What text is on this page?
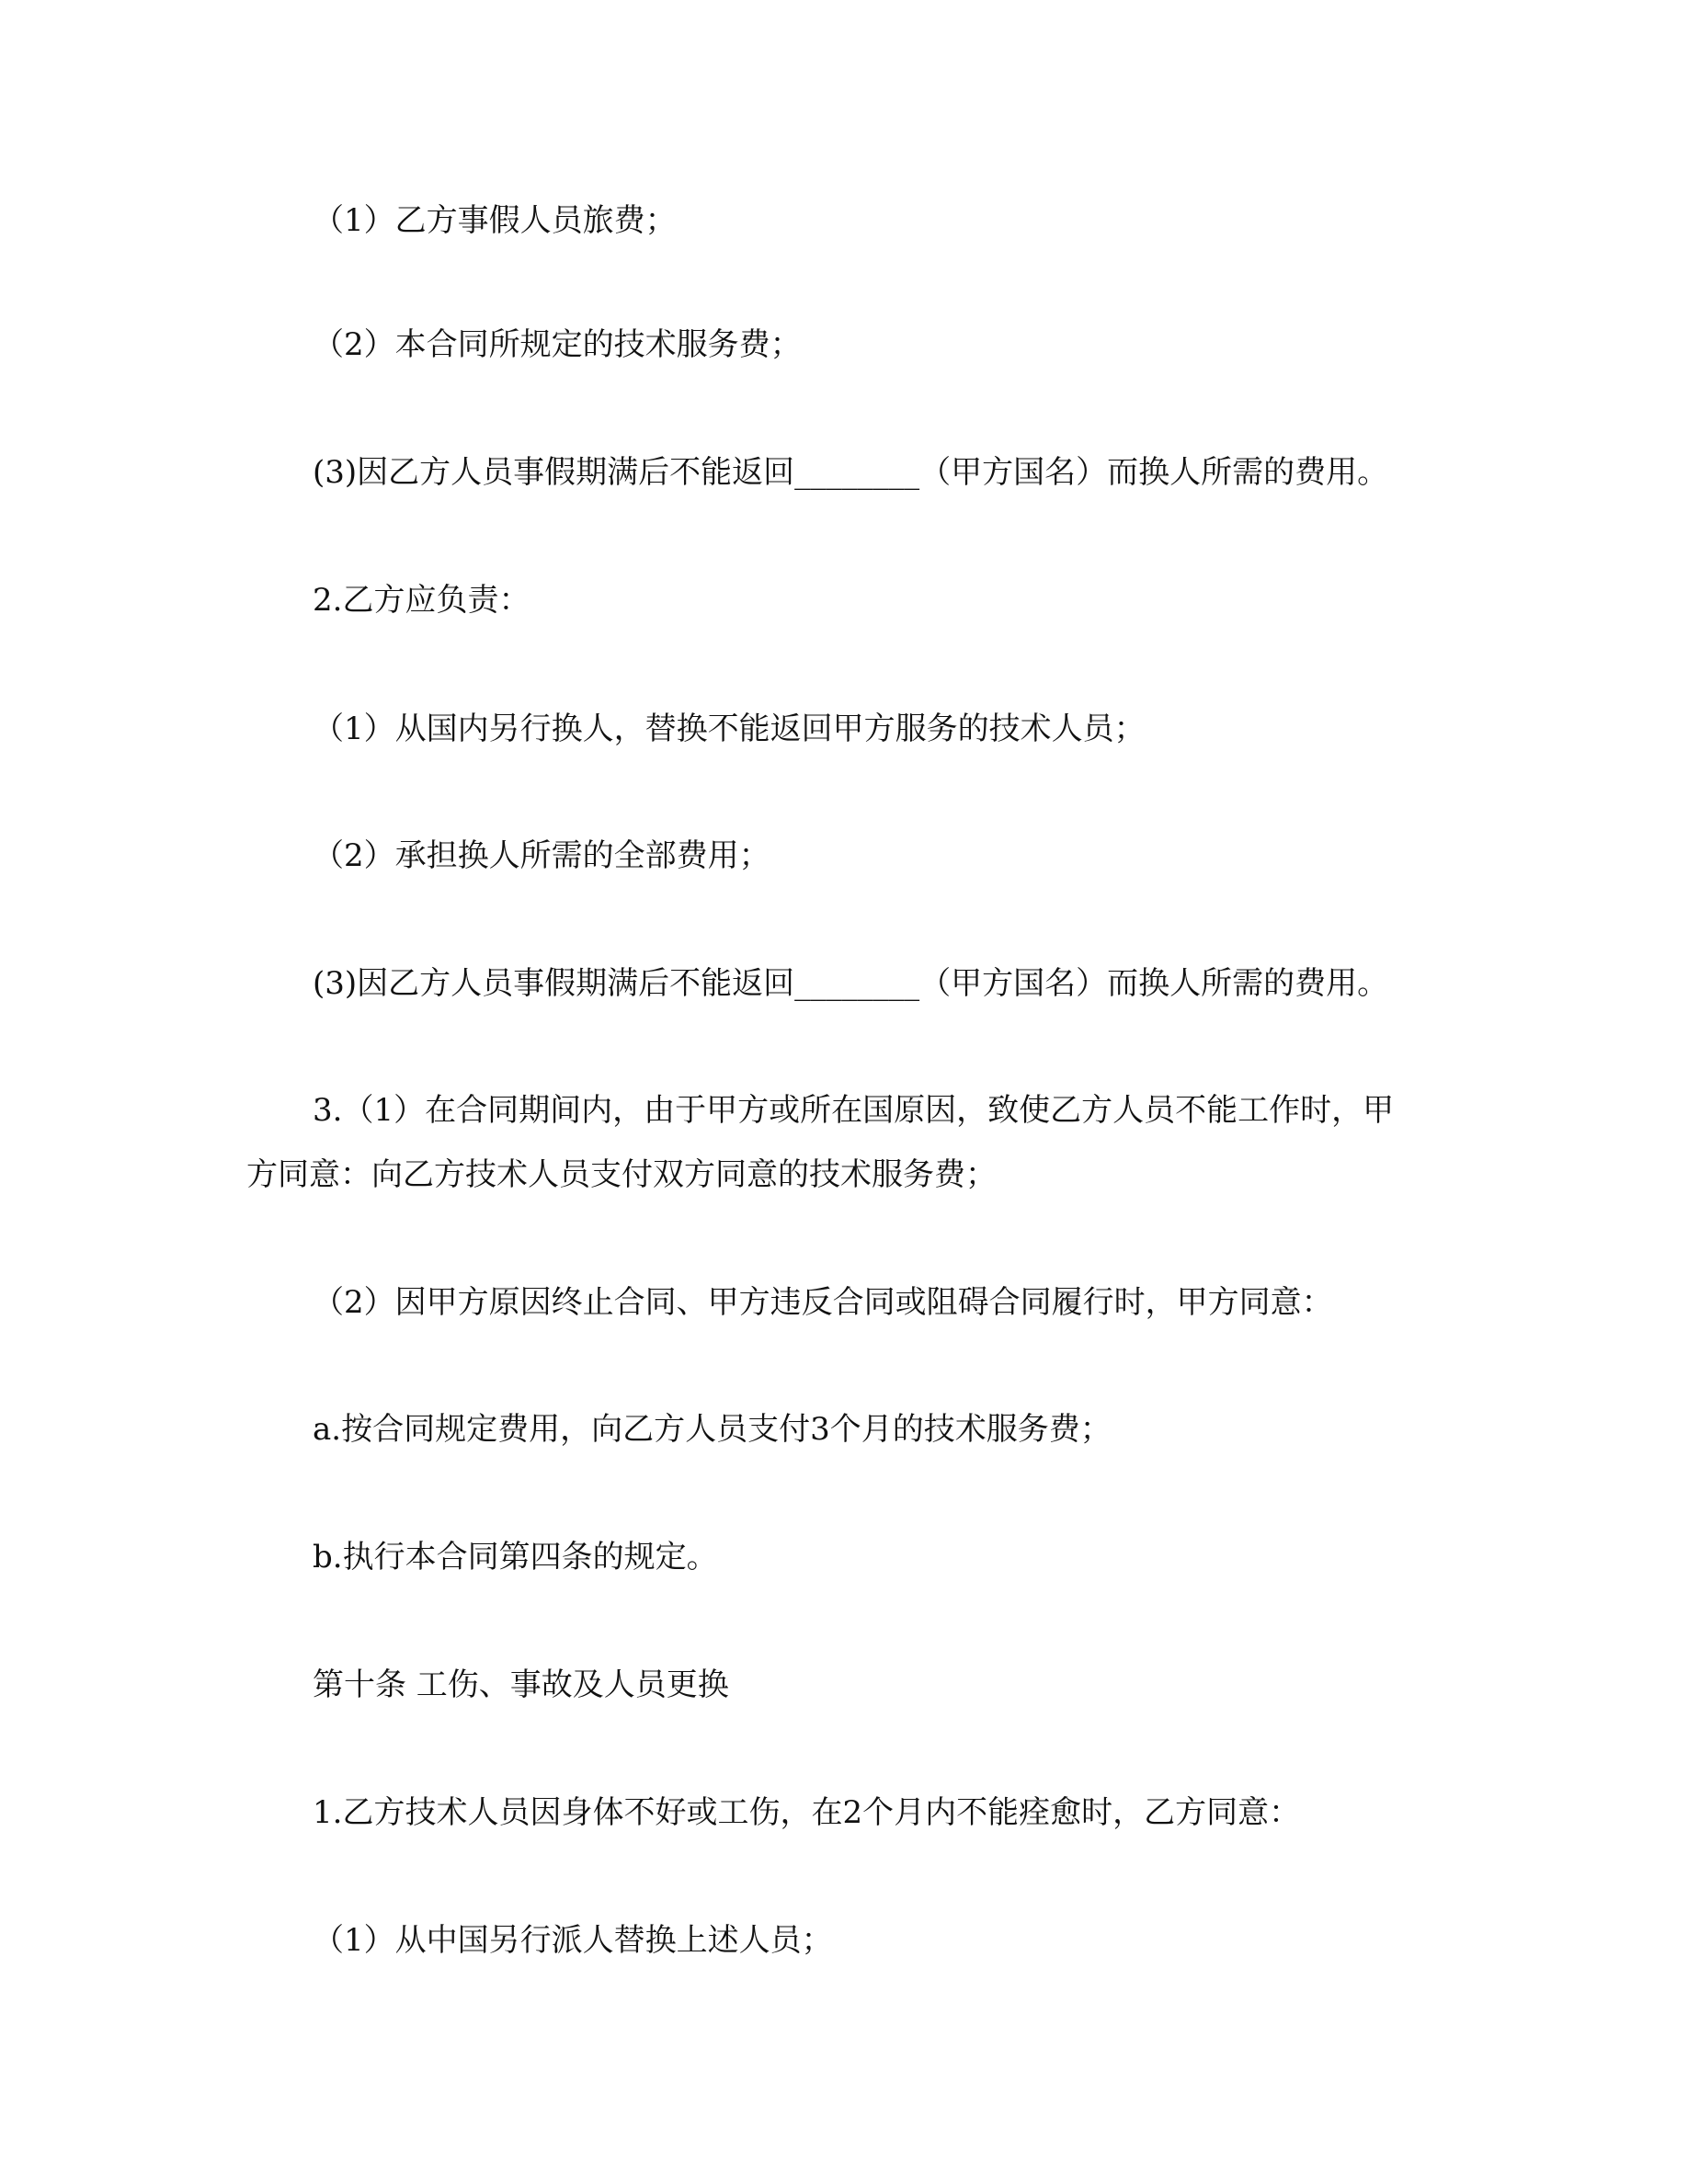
（1）乙方事假人员旅费；

（2）本合同所规定的技术服务费；

(3)因乙方人员事假期满后不能返回________（甲方国名）而换人所需的费用。

2.乙方应负责：

（1）从国内另行换人，替换不能返回甲方服务的技术人员；

（2）承担换人所需的全部费用；

(3)因乙方人员事假期满后不能返回________（甲方国名）而换人所需的费用。

3.（1）在合同期间内，由于甲方或所在国原因，致使乙方人员不能工作时，甲

方同意：向乙方技术人员支付双方同意的技术服务费；

（2）因甲方原因终止合同、甲方违反合同或阻碍合同履行时，甲方同意：

a.按合同规定费用，向乙方人员支付3个月的技术服务费；

b.执行本合同第四条的规定。

第十条 工伤、事故及人员更换

1.乙方技术人员因身体不好或工伤，在2个月内不能痊愈时，乙方同意：

（1）从中国另行派人替换上述人员；
